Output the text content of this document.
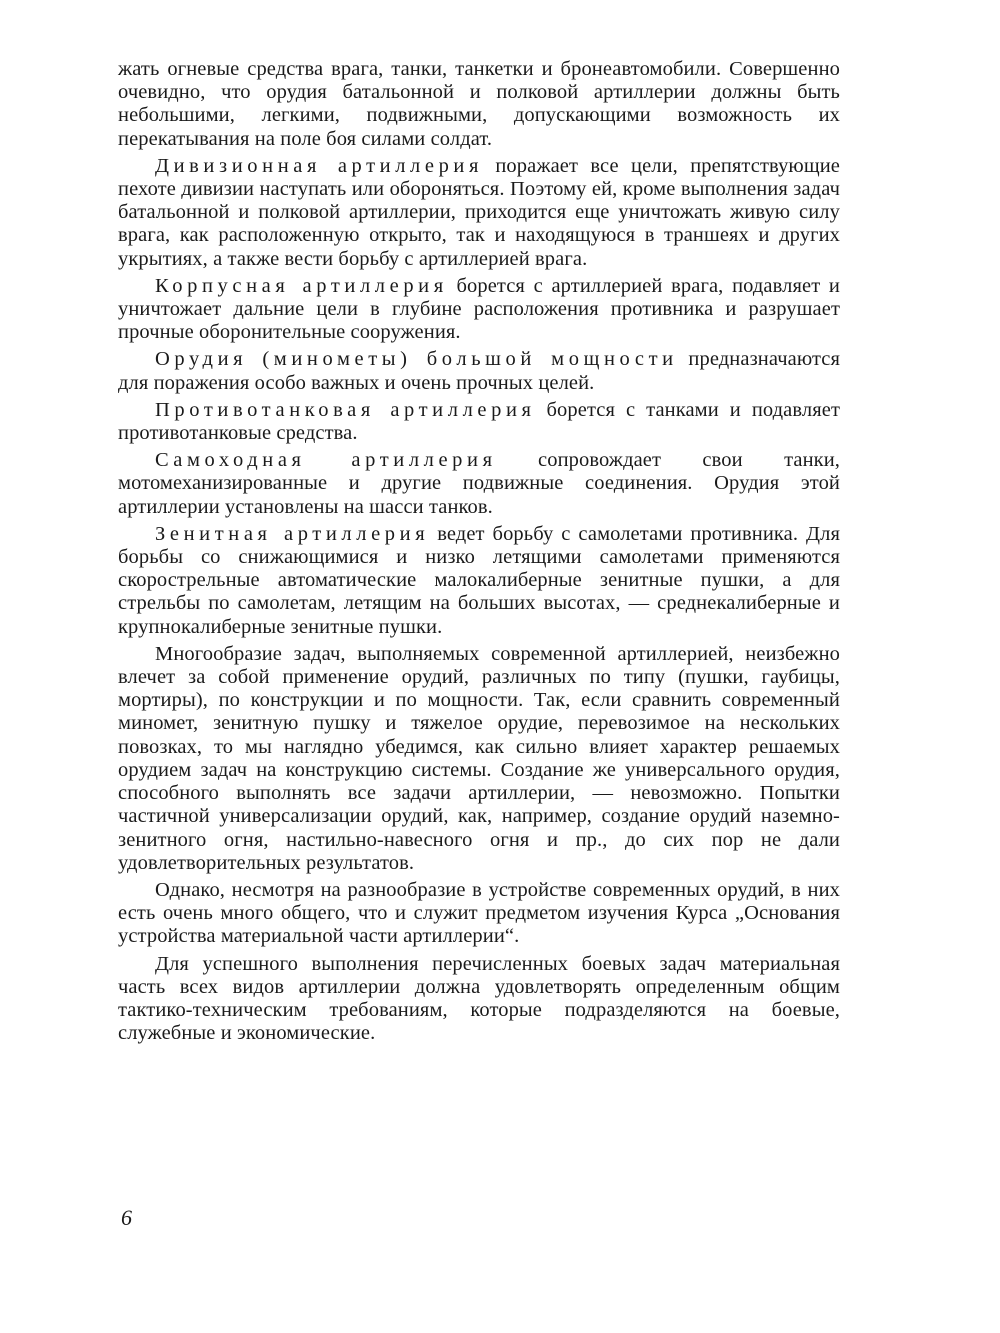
жать огневые средства врага, танки, танкетки и бронеавтомобили. Совершенно очевидно, что орудия батальонной и полковой артиллерии должны быть небольшими, легкими, подвижными, допускающими возможность их перекатывания на поле боя силами солдат.

Дивизионная артиллерия поражает все цели, препятствующие пехоте дивизии наступать или обороняться. Поэтому ей, кроме выполнения задач батальонной и полковой артиллерии, приходится еще уничтожать живую силу врага, как расположенную открыто, так и находящуюся в траншеях и других укрытиях, а также вести борьбу с артиллерией врага.

Корпусная артиллерия борется с артиллерией врага, подавляет и уничтожает дальние цели в глубине расположения противника и разрушает прочные оборонительные сооружения.

Орудия (минометы) большой мощности предназначаются для поражения особо важных и очень прочных целей.

Противотанковая артиллерия борется с танками и подавляет противотанковые средства.

Самоходная артиллерия сопровождает свои танки, мотомеханизированные и другие подвижные соединения. Орудия этой артиллерии установлены на шасси танков.

Зенитная артиллерия ведет борьбу с самолетами противника. Для борьбы со снижающимися и низко летящими самолетами применяются скорострельные автоматические малокалиберные зенитные пушки, а для стрельбы по самолетам, летящим на больших высотах, — среднекалиберные и крупнокалиберные зенитные пушки.

Многообразие задач, выполняемых современной артиллерией, неизбежно влечет за собой применение орудий, различных по типу (пушки, гаубицы, мортиры), по конструкции и по мощности. Так, если сравнить современный миномет, зенитную пушку и тяжелое орудие, перевозимое на нескольких повозках, то мы наглядно убедимся, как сильно влияет характер решаемых орудием задач на конструкцию системы. Создание же универсального орудия, способного выполнять все задачи артиллерии, — невозможно. Попытки частичной универсализации орудий, как, например, создание орудий наземно-зенитного огня, настильно-навесного огня и пр., до сих пор не дали удовлетворительных результатов.

Однако, несмотря на разнообразие в устройстве современных орудий, в них есть очень много общего, что и служит предметом изучения Курса „Основания устройства материальной части артиллерии“.

Для успешного выполнения перечисленных боевых задач материальная часть всех видов артиллерии должна удовлетворять определенным общим тактико-техническим требованиям, которые подразделяются на боевые, служебные и экономические.

6
